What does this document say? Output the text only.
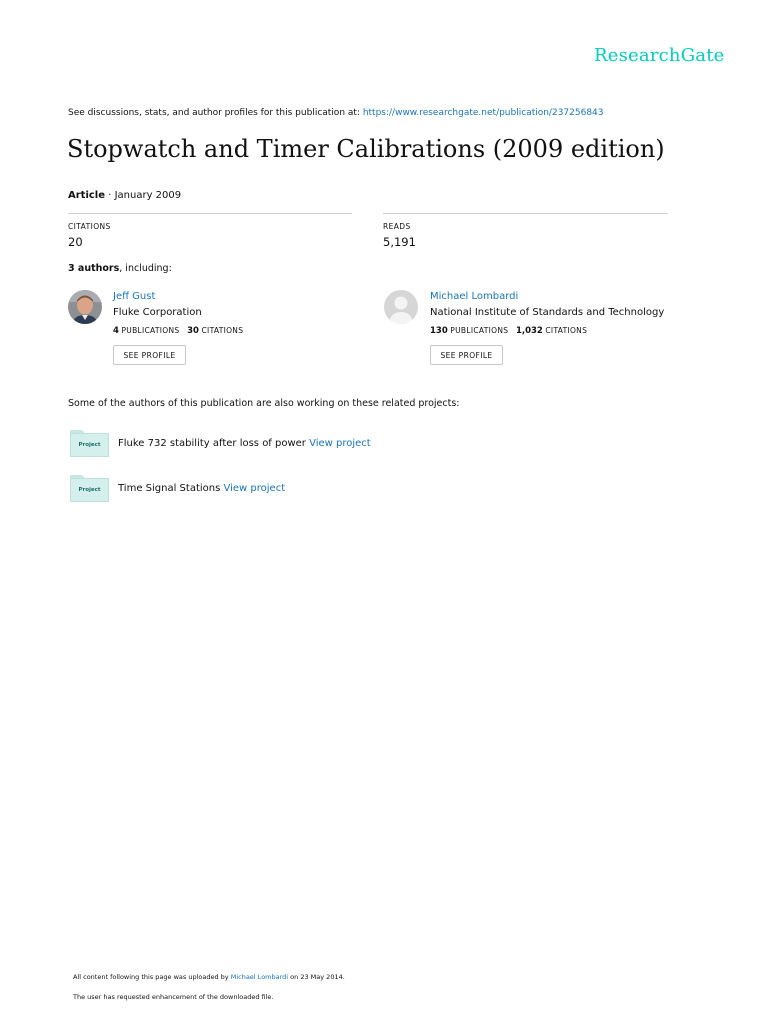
ResearchGate
See discussions, stats, and author profiles for this publication at: https://www.researchgate.net/publication/237256843
Stopwatch and Timer Calibrations (2009 edition)
Article · January 2009
CITATIONS
20
READS
5,191
3 authors, including:
Jeff Gust
Fluke Corporation
4 PUBLICATIONS 30 CITATIONS
SEE PROFILE
Michael Lombardi
National Institute of Standards and Technology
130 PUBLICATIONS 1,032 CITATIONS
SEE PROFILE
Some of the authors of this publication are also working on these related projects:
Project	Fluke 732 stability after loss of power View project
Project	Time Signal Stations View project
All content following this page was uploaded by Michael Lombardi on 23 May 2014.
The user has requested enhancement of the downloaded file.
